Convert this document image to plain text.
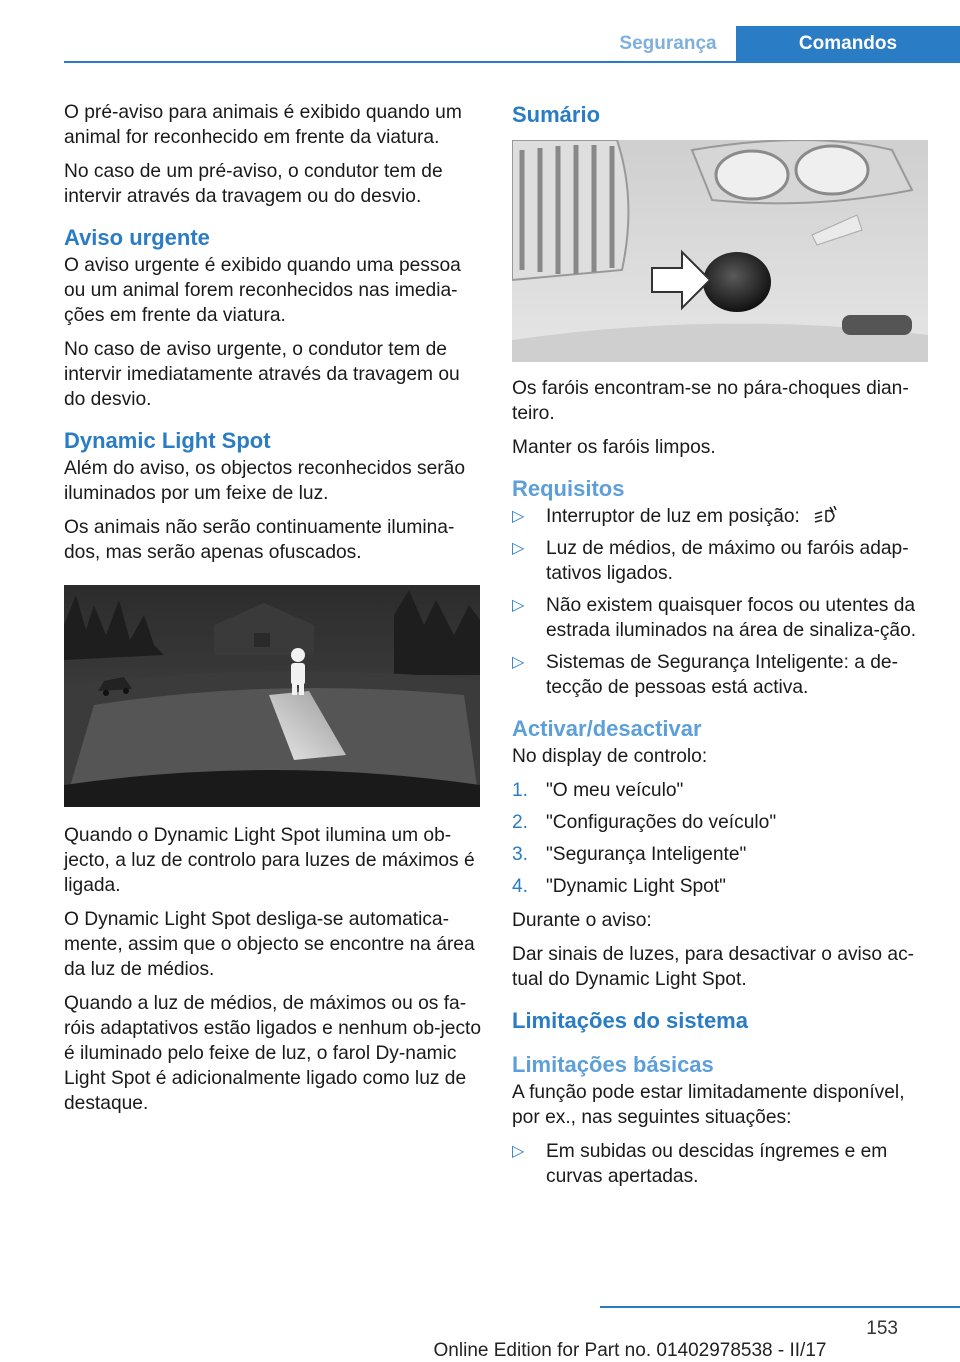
Segurança	Comandos

O pré-aviso para animais é exibido quando um animal for reconhecido em frente da viatura.

No caso de um pré-aviso, o condutor tem de intervir através da travagem ou do desvio.

Aviso urgente

O aviso urgente é exibido quando uma pessoa ou um animal forem reconhecidos nas imedia-ções em frente da viatura.

No caso de aviso urgente, o condutor tem de intervir imediatamente através da travagem ou do desvio.

Dynamic Light Spot

Além do aviso, os objectos reconhecidos serão iluminados por um feixe de luz.

Os animais não serão continuamente ilumina-dos, mas serão apenas ofuscados.

Quando o Dynamic Light Spot ilumina um ob-jecto, a luz de controlo para luzes de máximos é ligada.

O Dynamic Light Spot desliga-se automatica-mente, assim que o objecto se encontre na área da luz de médios.

Quando a luz de médios, de máximos ou os fa-róis adaptativos estão ligados e nenhum ob-jecto é iluminado pelo feixe de luz, o farol Dy-namic Light Spot é adicionalmente ligado como luz de destaque.

Sumário

Os faróis encontram-se no pára-choques dian-teiro.

Manter os faróis limpos.

Requisitos
▷ Interruptor de luz em posição:
▷ Luz de médios, de máximo ou faróis adap-tativos ligados.
▷ Não existem quaisquer focos ou utentes da estrada iluminados na área de sinaliza-ção.
▷ Sistemas de Segurança Inteligente: a de-tecção de pessoas está activa.
Activar/desactivar

No display de controlo:

1. "O meu veículo"
2. "Configurações do veículo"
3. "Segurança Inteligente"
4. "Dynamic Light Spot"

Durante o aviso:

Dar sinais de luzes, para desactivar o aviso ac-tual do Dynamic Light Spot.

Limitações do sistema
Limitações básicas

A função pode estar limitadamente disponível, por ex., nas seguintes situações:

▷ Em subidas ou descidas íngremes e em curvas apertadas.
153
Online Edition for Part no. 01402978538 - II/17
